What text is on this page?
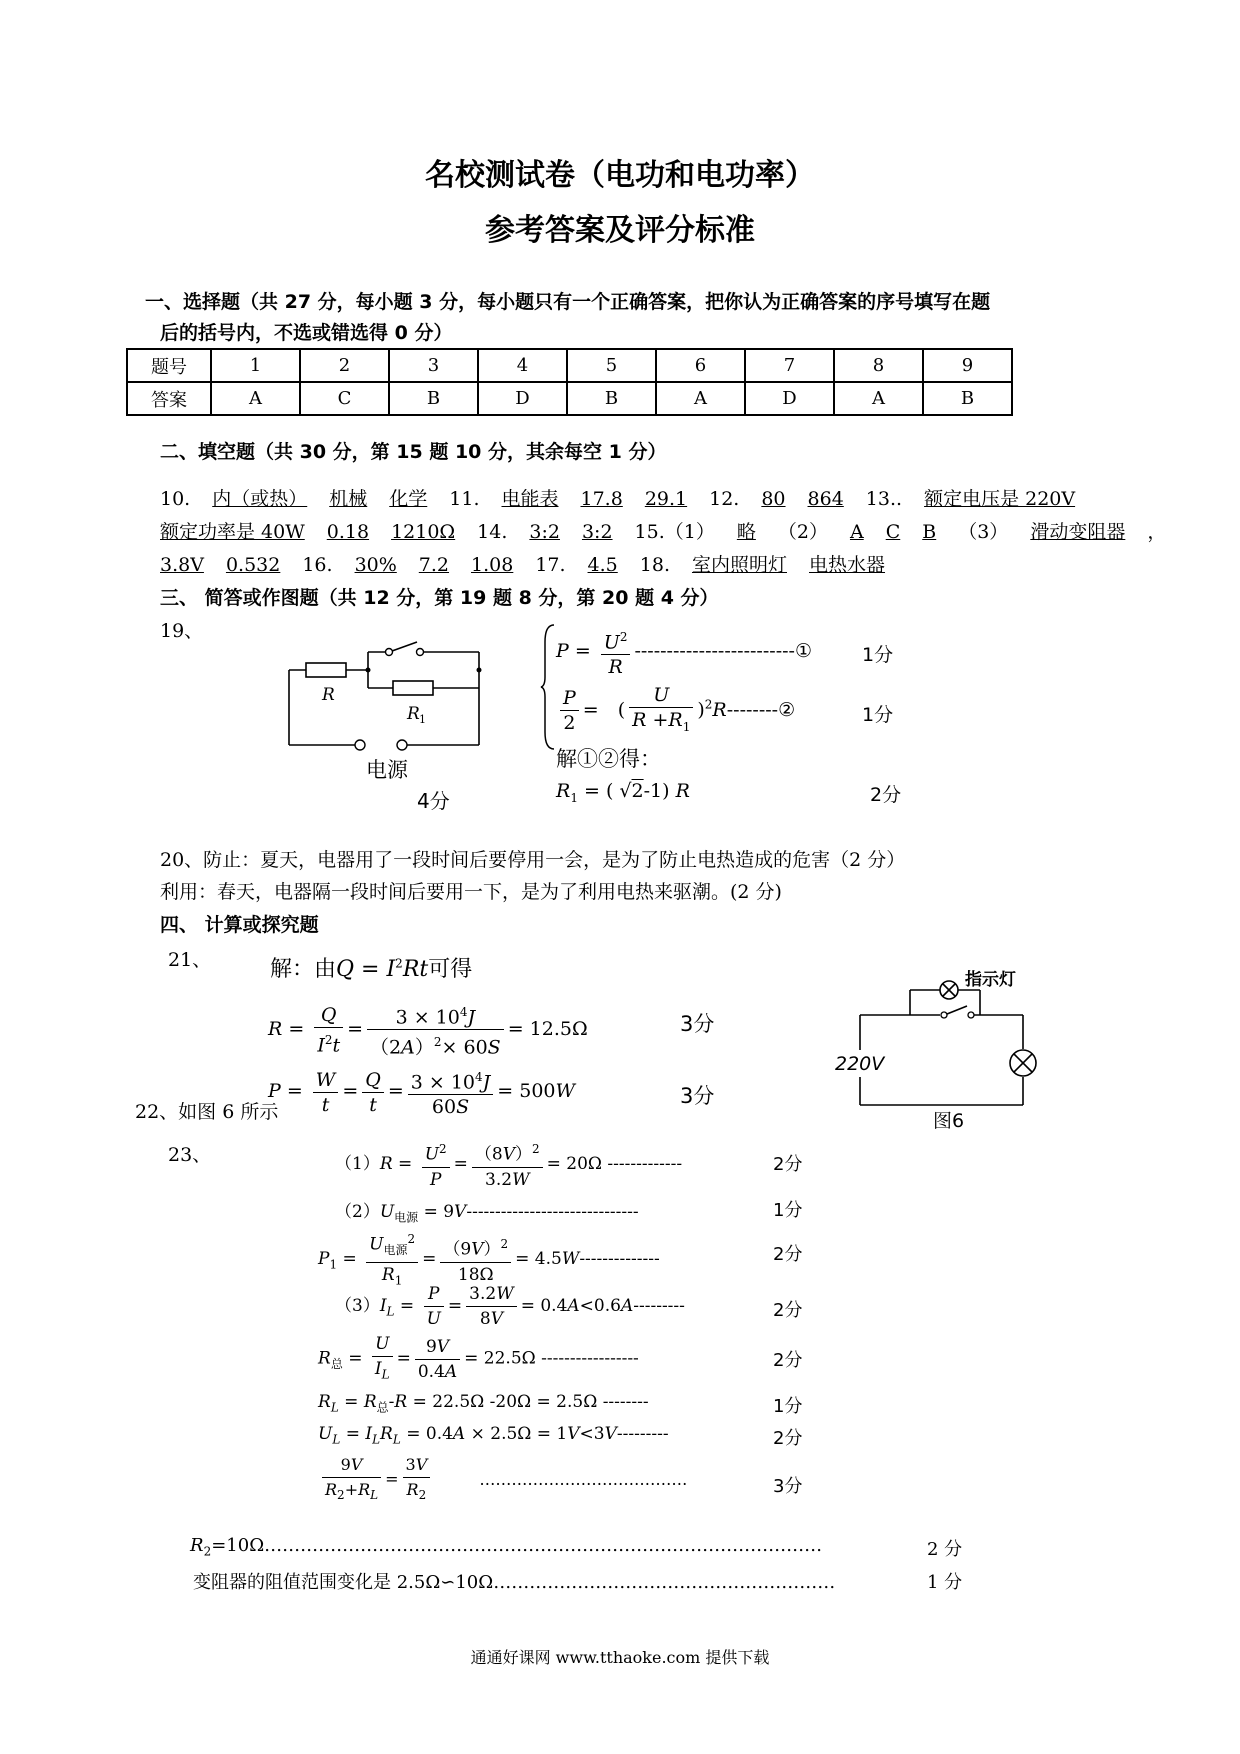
名校测试卷（电功和电功率）
参考答案及评分标准
一、选择题（共 27 分，每小题 3 分，每小题只有一个正确答案，把你认为正确答案的序号填写在题
后的括号内，不选或错选得 0 分）
题号	1	2	3	4	5	6	7	8	9
答案	A	C	B	D	B	A	D	A	B
二、填空题（共 30 分，第 15 题 10 分，其余每空 1 分）
10. 内（或热） 机械 化学 11. 电能表 17.8 29.1 12. 80 864 13.. 额定电压是 220V
额定功率是 40W 0.18 1210Ω 14. 3:2 3:2 15.（1） 略 （2） A C B （3） 滑动变阻器 ，
3.8V 0.532 16. 30% 7.2 1.08 17. 4.5 18. 室内照明灯 电热水器
三、 简答或作图题（共 12 分，第 19 题 8 分，第 20 题 4 分）
19、
R
R 1
电源
4分
$P = \frac{U^2}{R}$ -------------------------①	1分
$\frac{P}{2}$ =　( $\frac{U}{R +R_1}$ )$^2$R--------②	1分
解①②得：
$R_1$ = ( √2-1) R	2分
20、防止：夏天，电器用了一段时间后要停用一会，是为了防止电热造成的危害（2 分）
利用：春天，电器隔一段时间后要用一下，是为了利用电热来驱潮。(2 分)
四、 计算或探究题
21、	解：由$Q = I^2Rt$可得
$R = \frac{Q}{I^2t} = \frac{3 \times 10^4J}{(2A)^2\times 60S} = 12.5\Omega$	3分
$P = \frac{W}{t} = \frac{Q}{t} = \frac{3 \times 10^4J}{60S} = 500W$	3分
22、如图 6 所示
指示灯
220V
图6
23、	$(1)R = \frac{U^2}{P} = \frac{(8V)^2}{3.2W} = 20\Omega$ -------------	2分
$(2)U_{电源} = 9V------------------------------$	1分
$P_1 = \frac{U_{电源}^2}{R_1} = \frac{(9V)^2}{18\Omega} = 4.5W--------------$	2分
$(3)I_L = \frac{P}{U} = \frac{3.2W}{8V} = 0.4A<0.6A---------$	2分
$R_总 = \frac{U}{I_L} = \frac{9V}{0.4A} = 22.5\Omega$ -----------------	2分
$R_L = R_总-R = 22.5\Omega$ -20Ω = 2.5Ω --------	1分
$U_L = I_LR_L = 0.4A \times 2.5\Omega = 1V<3V---------$	2分
$\frac{9V}{R_2+R_L} = \frac{3V}{R_2}$	…………………………………	3分
$R_2=10\Omega\dots\dots\dots\dots\dots\dots\dots\dots\dots\dots\dots\dots\dots\dots\dots\dots\dots\dots\dots\dots\dots\dots\dots\dots\dots\dots\dots\dots\dots\dots\dots$	2 分
变阻器的阻值范围变化是 2.5Ω∽10Ω…………………………………………………	1 分
通通好课网 www.tthaoke.com 提供下载
